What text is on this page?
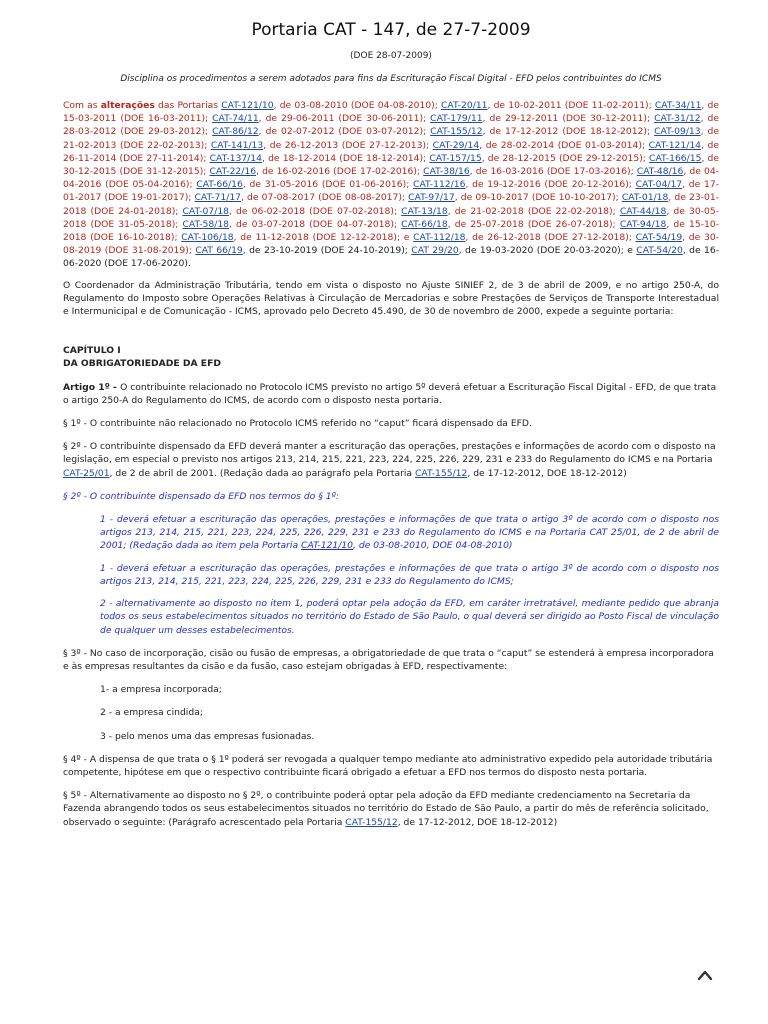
Portaria CAT - 147, de 27-7-2009
(DOE 28-07-2009)
Disciplina os procedimentos a serem adotados para fins da Escrituração Fiscal Digital - EFD pelos contribuintes do ICMS

Com as alterações das Portarias CAT-121/10, de 03-08-2010 (DOE 04-08-2010); CAT-20/11, de 10-02-2011 (DOE 11-02-2011); CAT-34/11, de 15-03-2011 (DOE 16-03-2011); CAT-74/11, de 29-06-2011 (DOE 30-06-2011); CAT-179/11, de 29-12-2011 (DOE 30-12-2011); CAT-31/12, de 28-03-2012 (DOE 29-03-2012); CAT-86/12, de 02-07-2012 (DOE 03-07-2012); CAT-155/12, de 17-12-2012 (DOE 18-12-2012); CAT-09/13, de 21-02-2013 (DOE 22-02-2013); CAT-141/13, de 26-12-2013 (DOE 27-12-2013); CAT-29/14, de 28-02-2014 (DOE 01-03-2014); CAT-121/14, de 26-11-2014 (DOE 27-11-2014); CAT-137/14, de 18-12-2014 (DOE 18-12-2014); CAT-157/15, de 28-12-2015 (DOE 29-12-2015); CAT-166/15, de 30-12-2015 (DOE 31-12-2015); CAT-22/16, de 16-02-2016 (DOE 17-02-2016); CAT-38/16, de 16-03-2016 (DOE 17-03-2016); CAT-48/16, de 04-04-2016 (DOE 05-04-2016); CAT-66/16, de 31-05-2016 (DOE 01-06-2016); CAT-112/16, de 19-12-2016 (DOE 20-12-2016); CAT-04/17, de 17-01-2017 (DOE 19-01-2017); CAT-71/17, de 07-08-2017 (DOE 08-08-2017); CAT-97/17, de 09-10-2017 (DOE 10-10-2017); CAT-01/18, de 23-01-2018 (DOE 24-01-2018); CAT-07/18, de 06-02-2018 (DOE 07-02-2018); CAT-13/18, de 21-02-2018 (DOE 22-02-2018); CAT-44/18, de 30-05-2018 (DOE 31-05-2018); CAT-58/18, de 03-07-2018 (DOE 04-07-2018); CAT-66/18, de 25-07-2018 (DOE 26-07-2018); CAT-94/18, de 15-10-2018 (DOE 16-10-2018); CAT-106/18, de 11-12-2018 (DOE 12-12-2018); e CAT-112/18, de 26-12-2018 (DOE 27-12-2018); CAT-54/19, de 30-08-2019 (DOE 31-08-2019); CAT 66/19, de 23-10-2019 (DOE 24-10-2019); CAT 29/20, de 19-03-2020 (DOE 20-03-2020); e CAT-54/20, de 16-06-2020 (DOE 17-06-2020).

O Coordenador da Administração Tributária, tendo em vista o disposto no Ajuste SINIEF 2, de 3 de abril de 2009, e no artigo 250-A, do Regulamento do Imposto sobre Operações Relativas à Circulação de Mercadorias e sobre Prestações de Serviços de Transporte Interestadual e Intermunicipal e de Comunicação - ICMS, aprovado pelo Decreto 45.490, de 30 de novembro de 2000, expede a seguinte portaria:

CAPÍTULO I
DA OBRIGATORIEDADE DA EFD

Artigo 1º - O contribuinte relacionado no Protocolo ICMS previsto no artigo 5º deverá efetuar a Escrituração Fiscal Digital - EFD, de que trata o artigo 250-A do Regulamento do ICMS, de acordo com o disposto nesta portaria.

§ 1º - O contribuinte não relacionado no Protocolo ICMS referido no “caput” ficará dispensado da EFD.

§ 2º - O contribuinte dispensado da EFD deverá manter a escrituração das operações, prestações e informações de acordo com o disposto na legislação, em especial o previsto nos artigos 213, 214, 215, 221, 223, 224, 225, 226, 229, 231 e 233 do Regulamento do ICMS e na Portaria CAT-25/01, de 2 de abril de 2001. (Redação dada ao parágrafo pela Portaria CAT-155/12, de 17-12-2012, DOE 18-12-2012)

§ 2º - O contribuinte dispensado da EFD nos termos do § 1º:

1 - deverá efetuar a escrituração das operações, prestações e informações de que trata o artigo 3º de acordo com o disposto nos artigos 213, 214, 215, 221, 223, 224, 225, 226, 229, 231 e 233 do Regulamento do ICMS e na Portaria CAT 25/01, de 2 de abril de 2001; (Redação dada ao item pela Portaria CAT-121/10, de 03-08-2010, DOE 04-08-2010)

1 - deverá efetuar a escrituração das operações, prestações e informações de que trata o artigo 3º de acordo com o disposto nos artigos 213, 214, 215, 221, 223, 224, 225, 226, 229, 231 e 233 do Regulamento do ICMS;

2 - alternativamente ao disposto no item 1, poderá optar pela adoção da EFD, em caráter irretratável, mediante pedido que abranja todos os seus estabelecimentos situados no território do Estado de São Paulo, o qual deverá ser dirigido ao Posto Fiscal de vinculação de qualquer um desses estabelecimentos.

§ 3º - No caso de incorporação, cisão ou fusão de empresas, a obrigatoriedade de que trata o “caput” se estenderá à empresa incorporadora e às empresas resultantes da cisão e da fusão, caso estejam obrigadas à EFD, respectivamente:

1- a empresa incorporada;

2 - a empresa cindida;

3 - pelo menos uma das empresas fusionadas.

§ 4º - A dispensa de que trata o § 1º poderá ser revogada a qualquer tempo mediante ato administrativo expedido pela autoridade tributária competente, hipótese em que o respectivo contribuinte ficará obrigado a efetuar a EFD nos termos do disposto nesta portaria.

§ 5º - Alternativamente ao disposto no § 2º, o contribuinte poderá optar pela adoção da EFD mediante credenciamento na Secretaria da Fazenda abrangendo todos os seus estabelecimentos situados no território do Estado de São Paulo, a partir do mês de referência solicitado, observado o seguinte: (Parágrafo acrescentado pela Portaria CAT-155/12, de 17-12-2012, DOE 18-12-2012)
